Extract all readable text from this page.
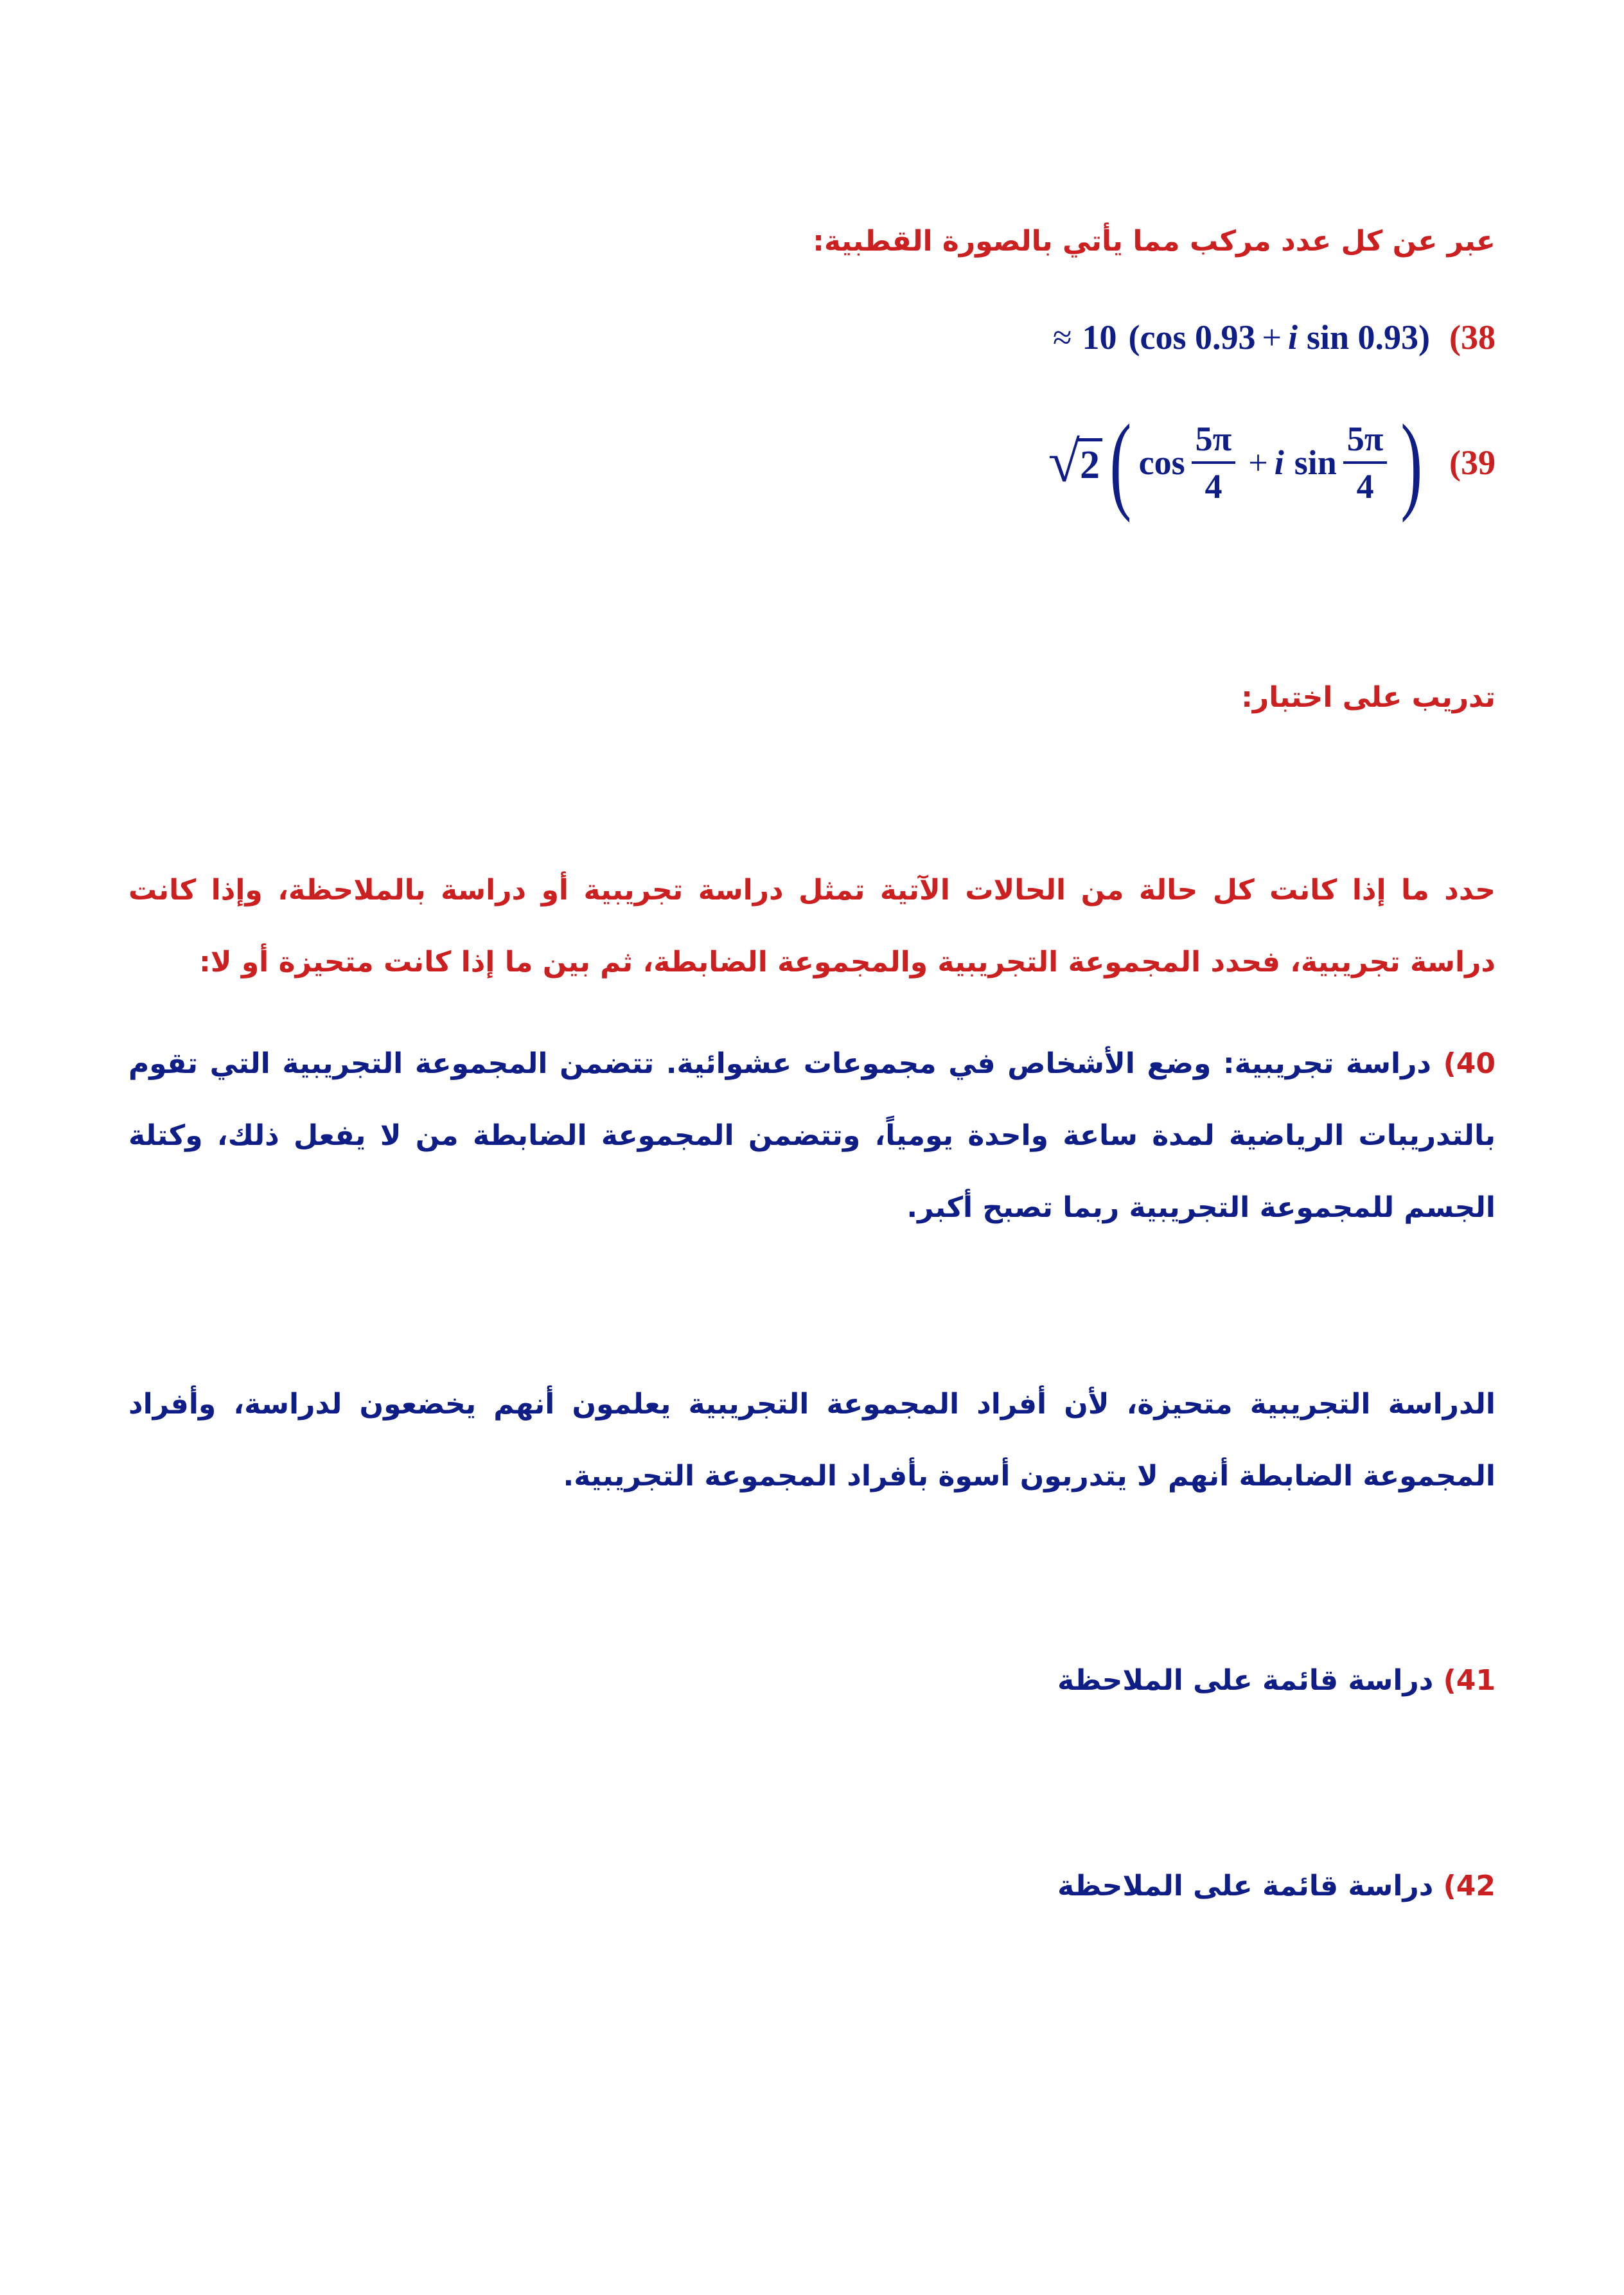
عبر عن كل عدد مركب مما يأتي بالصورة القطبية:
≈ 10 (cos 0.93 + i sin 0.93) (38
√ 2 ( $\cos \frac{5\pi}{4} + i$ $\sin \frac{5\pi}{4}$ ) (39
تدريب على اختبار:
حدد ما إذا كانت كل حالة من الحالات الآتية تمثل دراسة تجريبية أو دراسة بالملاحظة، وإذا كانت دراسة تجريبية، فحدد المجموعة التجريبية والمجموعة الضابطة، ثم بين ما إذا كانت متحيزة أو لا:
40) دراسة تجريبية: وضع الأشخاص في مجموعات عشوائية. تتضمن المجموعة التجريبية التي تقوم بالتدريبات الرياضية لمدة ساعة واحدة يومياً، وتتضمن المجموعة الضابطة من لا يفعل ذلك، وكتلة الجسم للمجموعة التجريبية ربما تصبح أكبر.
الدراسة التجريبية متحيزة، لأن أفراد المجموعة التجريبية يعلمون أنهم يخضعون لدراسة، وأفراد المجموعة الضابطة أنهم لا يتدربون أسوة بأفراد المجموعة التجريبية.
41) دراسة قائمة على الملاحظة
42) دراسة قائمة على الملاحظة
